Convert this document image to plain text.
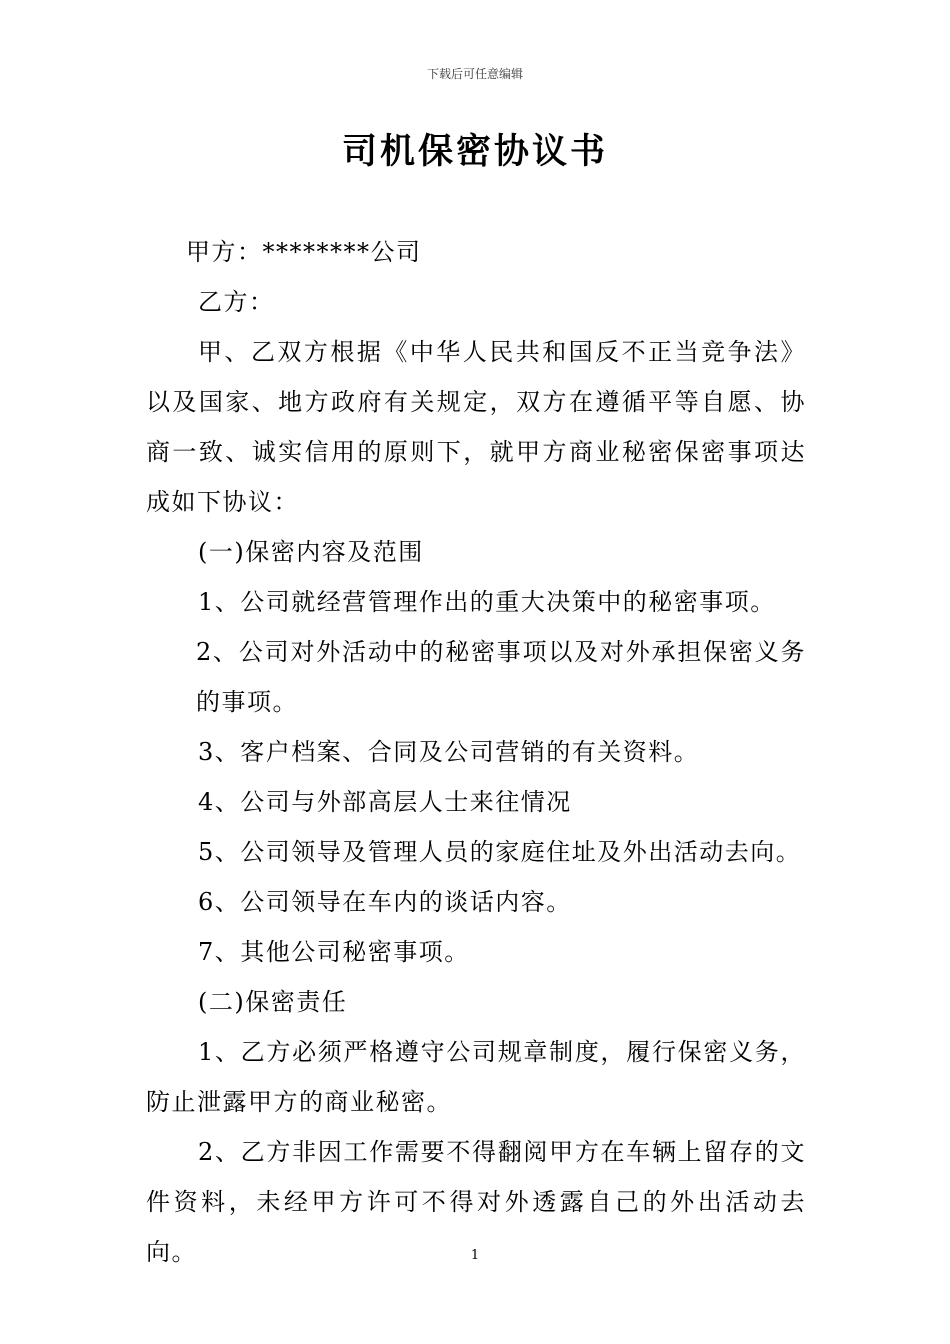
下载后可任意编辑
司机保密协议书

甲方：********公司

乙方：

甲、乙双方根据《中华人民共和国反不正当竞争法》以及国家、地方政府有关规定，双方在遵循平等自愿、协商一致、诚实信用的原则下，就甲方商业秘密保密事项达成如下协议：

(一)保密内容及范围

1、公司就经营管理作出的重大决策中的秘密事项。

2、公司对外活动中的秘密事项以及对外承担保密义务的事项。

3、客户档案、合同及公司营销的有关资料。

4、公司与外部高层人士来往情况

5、公司领导及管理人员的家庭住址及外出活动去向。

6、公司领导在车内的谈话内容。

7、其他公司秘密事项。

(二)保密责任

1、乙方必须严格遵守公司规章制度，履行保密义务，防止泄露甲方的商业秘密。

2、乙方非因工作需要不得翻阅甲方在车辆上留存的文件资料，未经甲方许可不得对外透露自己的外出活动去向。	1
